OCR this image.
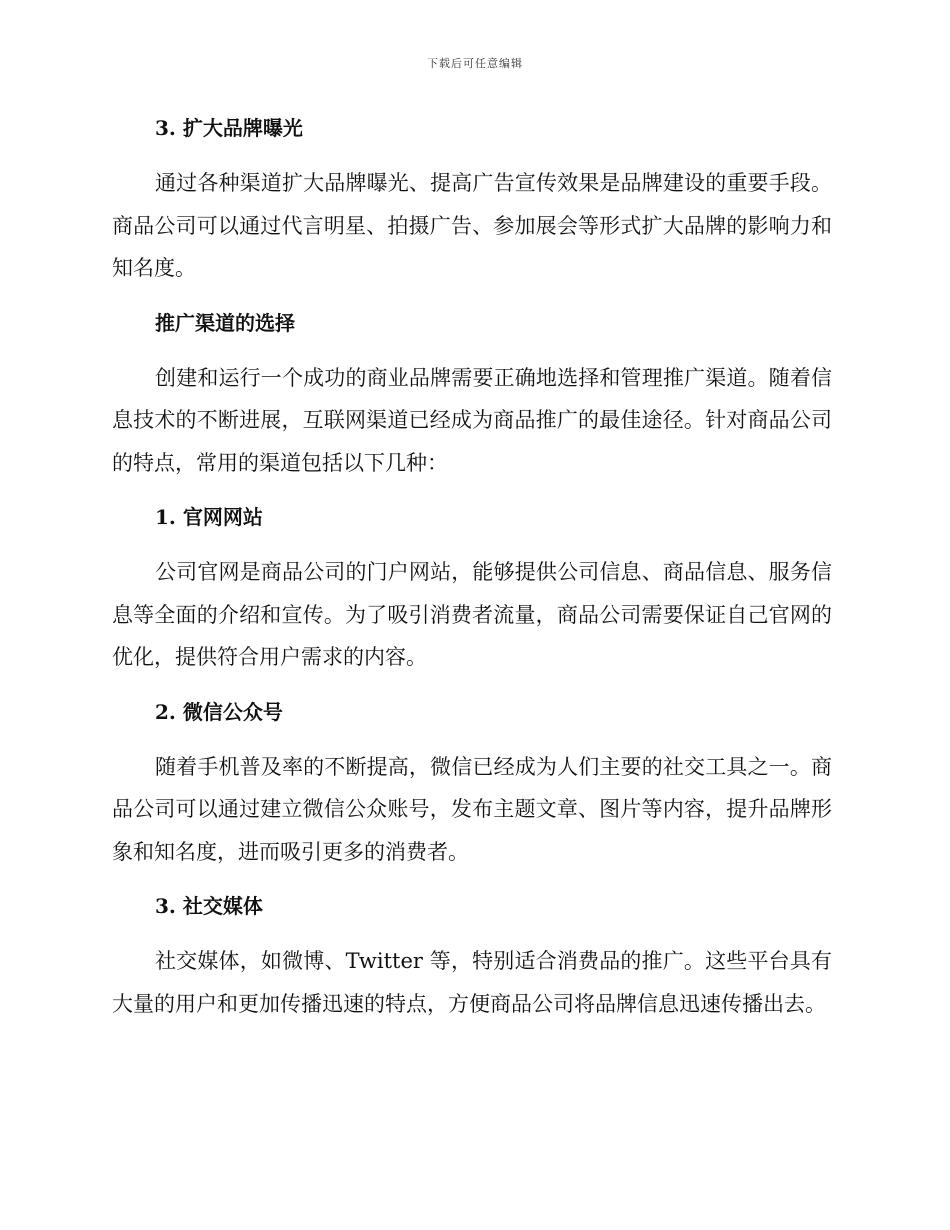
下载后可任意编辑
3. 扩大品牌曝光

通过各种渠道扩大品牌曝光、提高广告宣传效果是品牌建设的重要手段。商品公司可以通过代言明星、拍摄广告、参加展会等形式扩大品牌的影响力和知名度。

推广渠道的选择

创建和运行一个成功的商业品牌需要正确地选择和管理推广渠道。随着信息技术的不断进展，互联网渠道已经成为商品推广的最佳途径。针对商品公司的特点，常用的渠道包括以下几种：

1. 官网网站

公司官网是商品公司的门户网站，能够提供公司信息、商品信息、服务信息等全面的介绍和宣传。为了吸引消费者流量，商品公司需要保证自己官网的优化，提供符合用户需求的内容。

2. 微信公众号

随着手机普及率的不断提高，微信已经成为人们主要的社交工具之一。商品公司可以通过建立微信公众账号，发布主题文章、图片等内容，提升品牌形象和知名度，进而吸引更多的消费者。

3. 社交媒体

社交媒体，如微博、Twitter 等，特别适合消费品的推广。这些平台具有大量的用户和更加传播迅速的特点，方便商品公司将品牌信息迅速传播出去。
